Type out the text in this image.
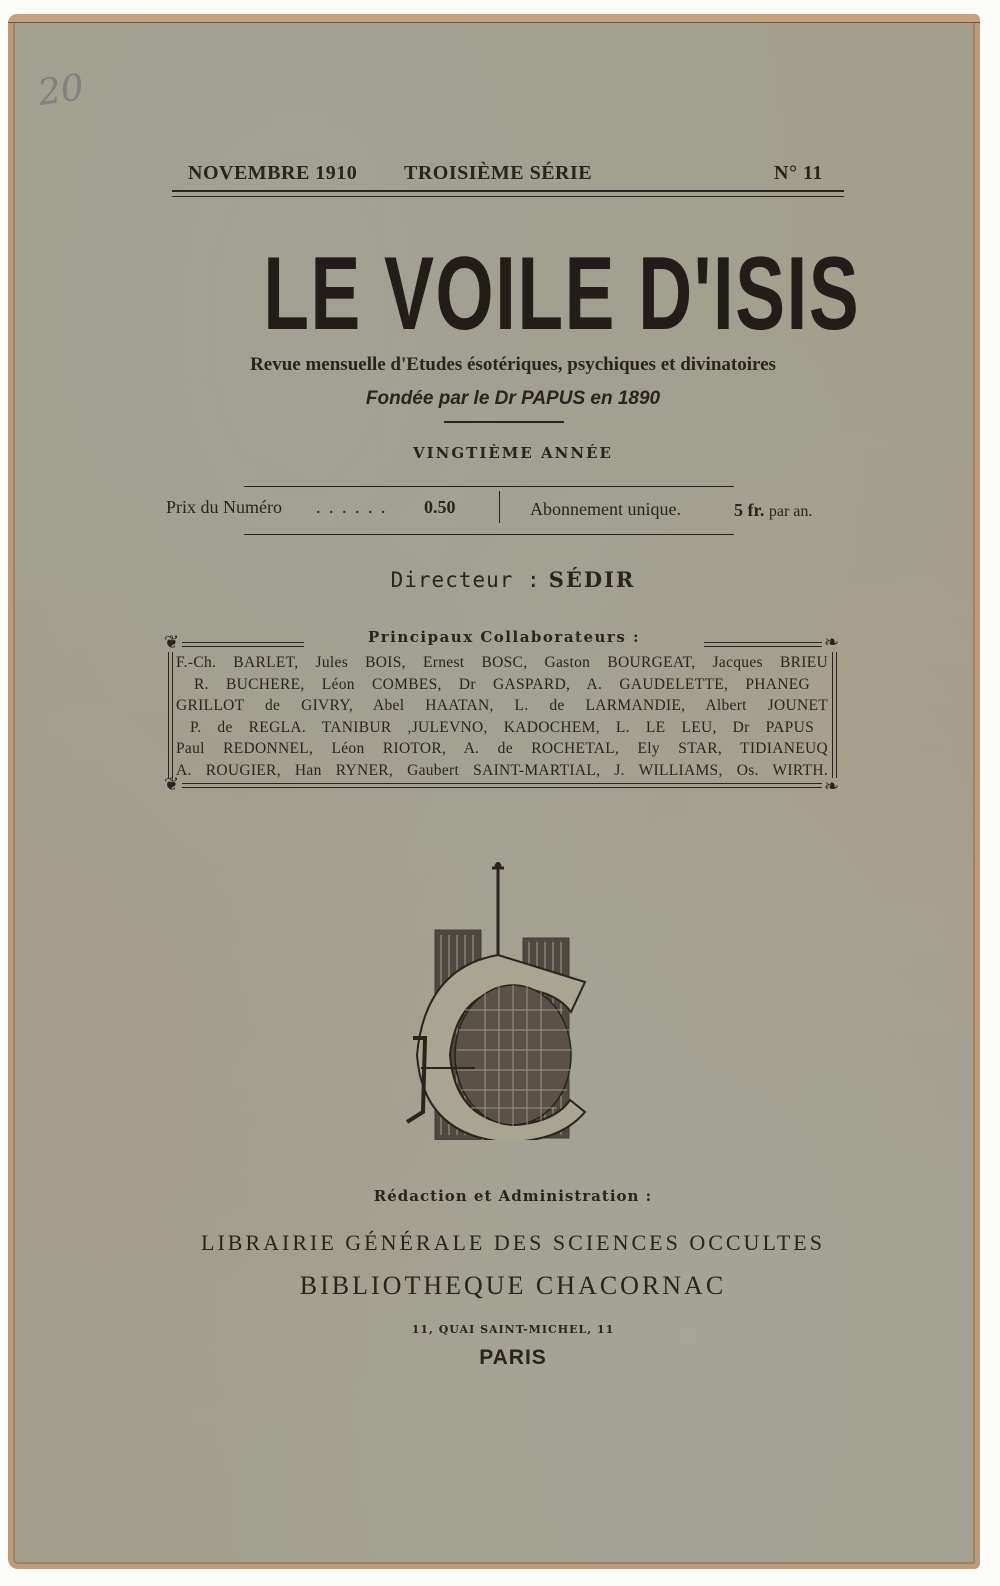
20
NOVEMBRE 1910 TROISIÈME SÉRIE	N° 11
LE VOILE D'ISIS
Revue mensuelle d'Etudes ésotériques, psychiques et divinatoires
Fondée par le Dr PAPUS en 1890
VINGTIÈME ANNÉE
Prix du Numéro . . . . . . 0.50	Abonnement unique.	5 fr. par an.
Directeur : SÉDIR
❦	Principaux Collaborateurs :	❧
F.-Ch. BARLET, Jules BOIS, Ernest BOSC, Gaston BOURGEAT, Jacques BRIEU
R. BUCHERE, Léon COMBES, Dr GASPARD, A. GAUDELETTE, PHANEG
GRILLOT de GIVRY, Abel HAATAN, L. de LARMANDIE, Albert JOUNET
P. de REGLA. TANIBUR ,JULEVNO, KADOCHEM, L. LE LEU, Dr PAPUS
Paul REDONNEL, Léon RIOTOR, A. de ROCHETAL, Ely STAR, TIDIANEUQ
A. ROUGIER, Han RYNER, Gaubert SAINT-MARTIAL, J. WILLIAMS, Os. WIRTH.
❦	❧
Rédaction et Administration :
LIBRAIRIE GÉNÉRALE DES SCIENCES OCCULTES
BIBLIOTHEQUE CHACORNAC
11, QUAI SAINT-MICHEL, 11
PARIS
